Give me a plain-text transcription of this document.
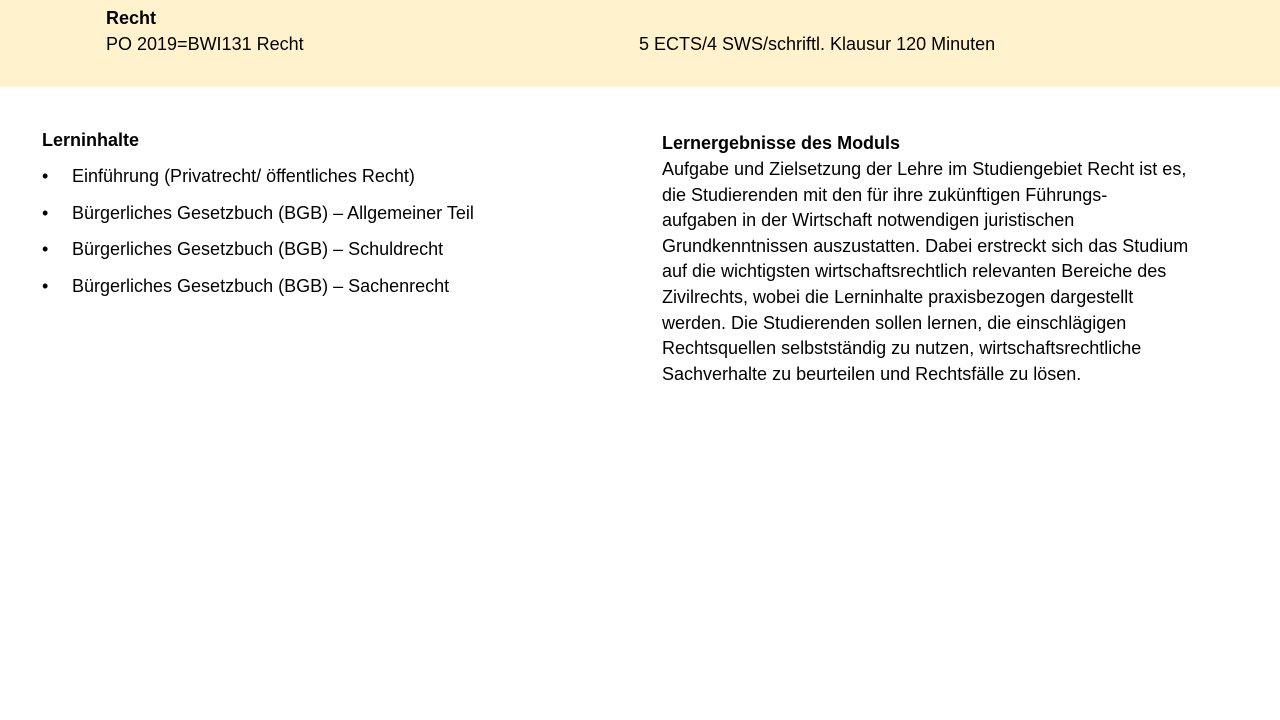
Recht
PO 2019=BWI131 Recht	5 ECTS/4 SWS/schriftl. Klausur 120 Minuten
Lerninhalte
• Einführung (Privatrecht/ öffentliches Recht)
• Bürgerliches Gesetzbuch (BGB) – Allgemeiner Teil
• Bürgerliches Gesetzbuch (BGB) – Schuldrecht
• Bürgerliches Gesetzbuch (BGB) – Sachenrecht
Lernergebnisse des Moduls
Aufgabe und Zielsetzung der Lehre im Studiengebiet Recht ist es,
die Studierenden mit den für ihre zukünftigen Führungs-
aufgaben in der Wirtschaft notwendigen juristischen
Grundkenntnissen auszustatten. Dabei erstreckt sich das Studium
auf die wichtigsten wirtschaftsrechtlich relevanten Bereiche des
Zivilrechts, wobei die Lerninhalte praxisbezogen dargestellt
werden. Die Studierenden sollen lernen, die einschlägigen
Rechtsquellen selbstständig zu nutzen, wirtschaftsrechtliche
Sachverhalte zu beurteilen und Rechtsfälle zu lösen.
